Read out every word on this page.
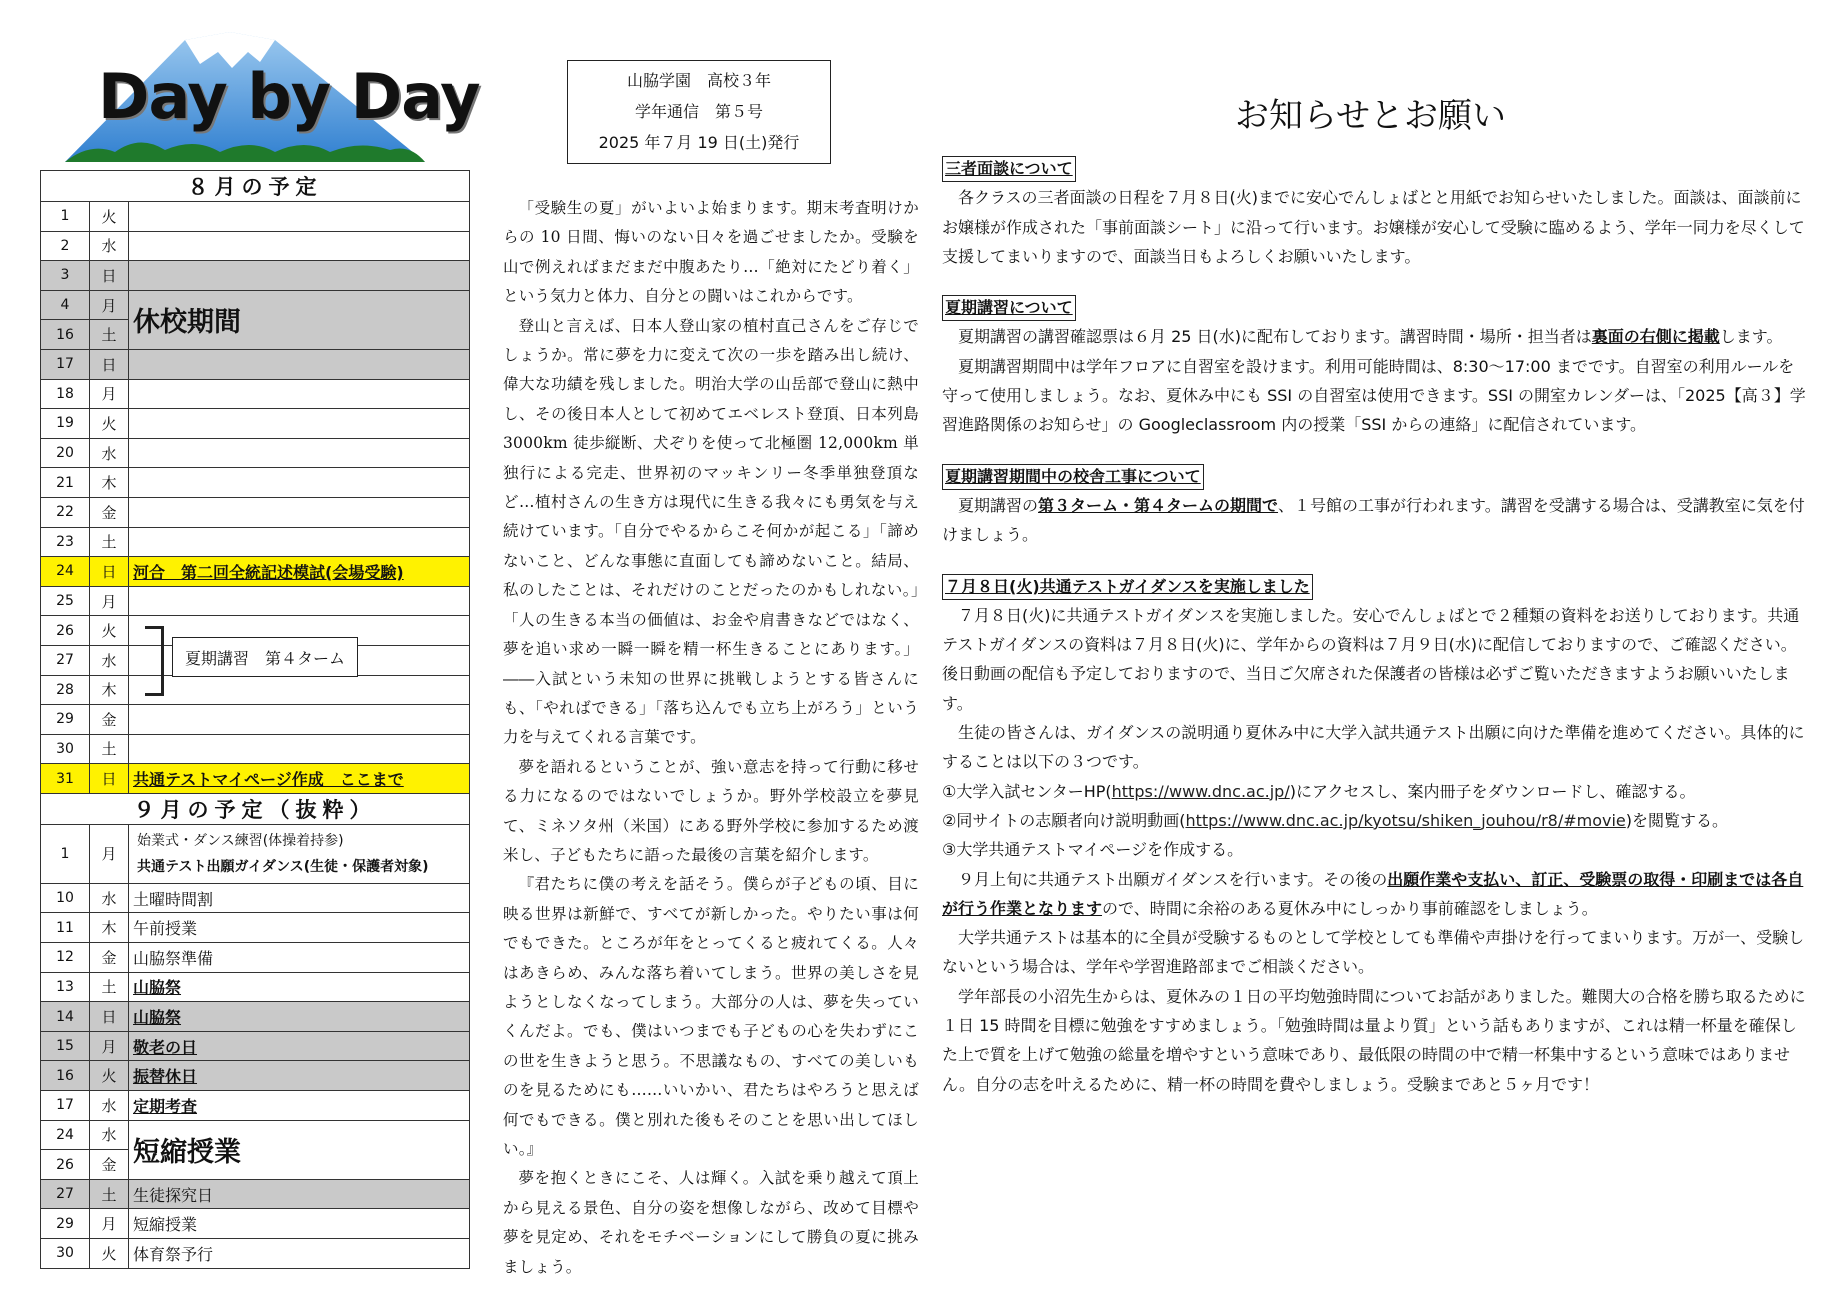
Day by Day
８月の予定		
1	火	
2	水	
3	日	
4	月	休校期間
16	土	
17	日	
18	月	
19	火	
20	水	
21	木	
22	金	
23	土	
24	日	河合　第二回全統記述模試(会場受験)
25	月	
26	火	
27	水	
28	木	
29	金	
30	土	
31	日	共通テストマイページ作成　ここまで
９月の予定（抜粋）		
1	月	始業式・ダンス練習(体操着持参)
共通テスト出願ガイダンス(生徒・保護者対象)

10	水	土曜時間割
11	木	午前授業
12	金	山脇祭準備
13	土	山脇祭
14	日	山脇祭
15	月	敬老の日
16	火	振替休日
17	水	定期考査
24	水	短縮授業
26	金	
27	土	生徒探究日
29	月	短縮授業
30	火	体育祭予行
夏期講習　第４ターム
山脇学園　高校３年
学年通信　第５号
2025 年７月 19 日(土)発行

「受験生の夏」がいよいよ始まります。期末考査明けからの 10 日間、悔いのない日々を過ごせましたか。受験を山で例えればまだまだ中腹あたり…「絶対にたどり着く」という気力と体力、自分との闘いはこれからです。

登山と言えば、日本人登山家の植村直己さんをご存じでしょうか。常に夢を力に変えて次の一歩を踏み出し続け、偉大な功績を残しました。明治大学の山岳部で登山に熱中し、その後日本人として初めてエベレスト登頂、日本列島 3000km 徒歩縦断、犬ぞりを使って北極圏 12,000km 単独行による完走、世界初のマッキンリー冬季単独登頂など…植村さんの生き方は現代に生きる我々にも勇気を与え続けています。「自分でやるからこそ何かが起こる」「諦めないこと、どんな事態に直面しても諦めないこと。結局、私のしたことは、それだけのことだったのかもしれない。」「人の生きる本当の価値は、お金や肩書きなどではなく、夢を追い求め一瞬一瞬を精一杯生きることにあります。」――入試という未知の世界に挑戦しようとする皆さんにも、「やればできる」「落ち込んでも立ち上がろう」という力を与えてくれる言葉です。

夢を語れるということが、強い意志を持って行動に移せる力になるのではないでしょうか。野外学校設立を夢見て、ミネソタ州（米国）にある野外学校に参加するため渡米し、子どもたちに語った最後の言葉を紹介します。

『君たちに僕の考えを話そう。僕らが子どもの頃、目に映る世界は新鮮で、すべてが新しかった。やりたい事は何でもできた。ところが年をとってくると疲れてくる。人々はあきらめ、みんな落ち着いてしまう。世界の美しさを見ようとしなくなってしまう。大部分の人は、夢を失っていくんだよ。でも、僕はいつまでも子どもの心を失わずにこの世を生きようと思う。不思議なもの、すべての美しいものを見るためにも……いいかい、君たちはやろうと思えば何でもできる。僕と別れた後もそのことを思い出してほしい。』

夢を抱くときにこそ、人は輝く。入試を乗り越えて頂上から見える景色、自分の姿を想像しながら、改めて目標や夢を見定め、それをモチベーションにして勝負の夏に挑みましょう。

お知らせとお願い
三者面談について

各クラスの三者面談の日程を７月８日(火)までに安心でんしょばとと用紙でお知らせいたしました。面談は、面談前にお嬢様が作成された「事前面談シート」に沿って行います。お嬢様が安心して受験に臨めるよう、学年一同力を尽くして支援してまいりますので、面談当日もよろしくお願いいたします。

夏期講習について

夏期講習の講習確認票は６月 25 日(水)に配布しております。講習時間・場所・担当者は裏面の右側に掲載します。

夏期講習期間中は学年フロアに自習室を設けます。利用可能時間は、8:30～17:00 までです。自習室の利用ルールを守って使用しましょう。なお、夏休み中にも SSI の自習室は使用できます。SSI の開室カレンダーは、「2025【高３】学習進路関係のお知らせ」の Googleclassroom 内の授業「SSI からの連絡」に配信されています。

夏期講習期間中の校舎工事について

夏期講習の第３ターム・第４タームの期間で、１号館の工事が行われます。講習を受講する場合は、受講教室に気を付けましょう。

７月８日(火)共通テストガイダンスを実施しました

７月８日(火)に共通テストガイダンスを実施しました。安心でんしょばとで２種類の資料をお送りしております。共通テストガイダンスの資料は７月８日(火)に、学年からの資料は７月９日(水)に配信しておりますので、ご確認ください。後日動画の配信も予定しておりますので、当日ご欠席された保護者の皆様は必ずご覧いただきますようお願いいたします。

生徒の皆さんは、ガイダンスの説明通り夏休み中に大学入試共通テスト出願に向けた準備を進めてください。具体的にすることは以下の３つです。

①大学入試センターHP(https://www.dnc.ac.jp/)にアクセスし、案内冊子をダウンロードし、確認する。

②同サイトの志願者向け説明動画(https://www.dnc.ac.jp/kyotsu/shiken_jouhou/r8/#movie)を閲覧する。

③大学共通テストマイページを作成する。

９月上旬に共通テスト出願ガイダンスを行います。その後の出願作業や支払い、訂正、受験票の取得・印刷までは各自が行う作業となりますので、時間に余裕のある夏休み中にしっかり事前確認をしましょう。

大学共通テストは基本的に全員が受験するものとして学校としても準備や声掛けを行ってまいります。万が一、受験しないという場合は、学年や学習進路部までご相談ください。

学年部長の小沼先生からは、夏休みの１日の平均勉強時間についてお話がありました。難関大の合格を勝ち取るために１日 15 時間を目標に勉強をすすめましょう。「勉強時間は量より質」という話もありますが、これは精一杯量を確保した上で質を上げて勉強の総量を増やすという意味であり、最低限の時間の中で精一杯集中するという意味ではありません。自分の志を叶えるために、精一杯の時間を費やしましょう。受験まであと５ヶ月です！
